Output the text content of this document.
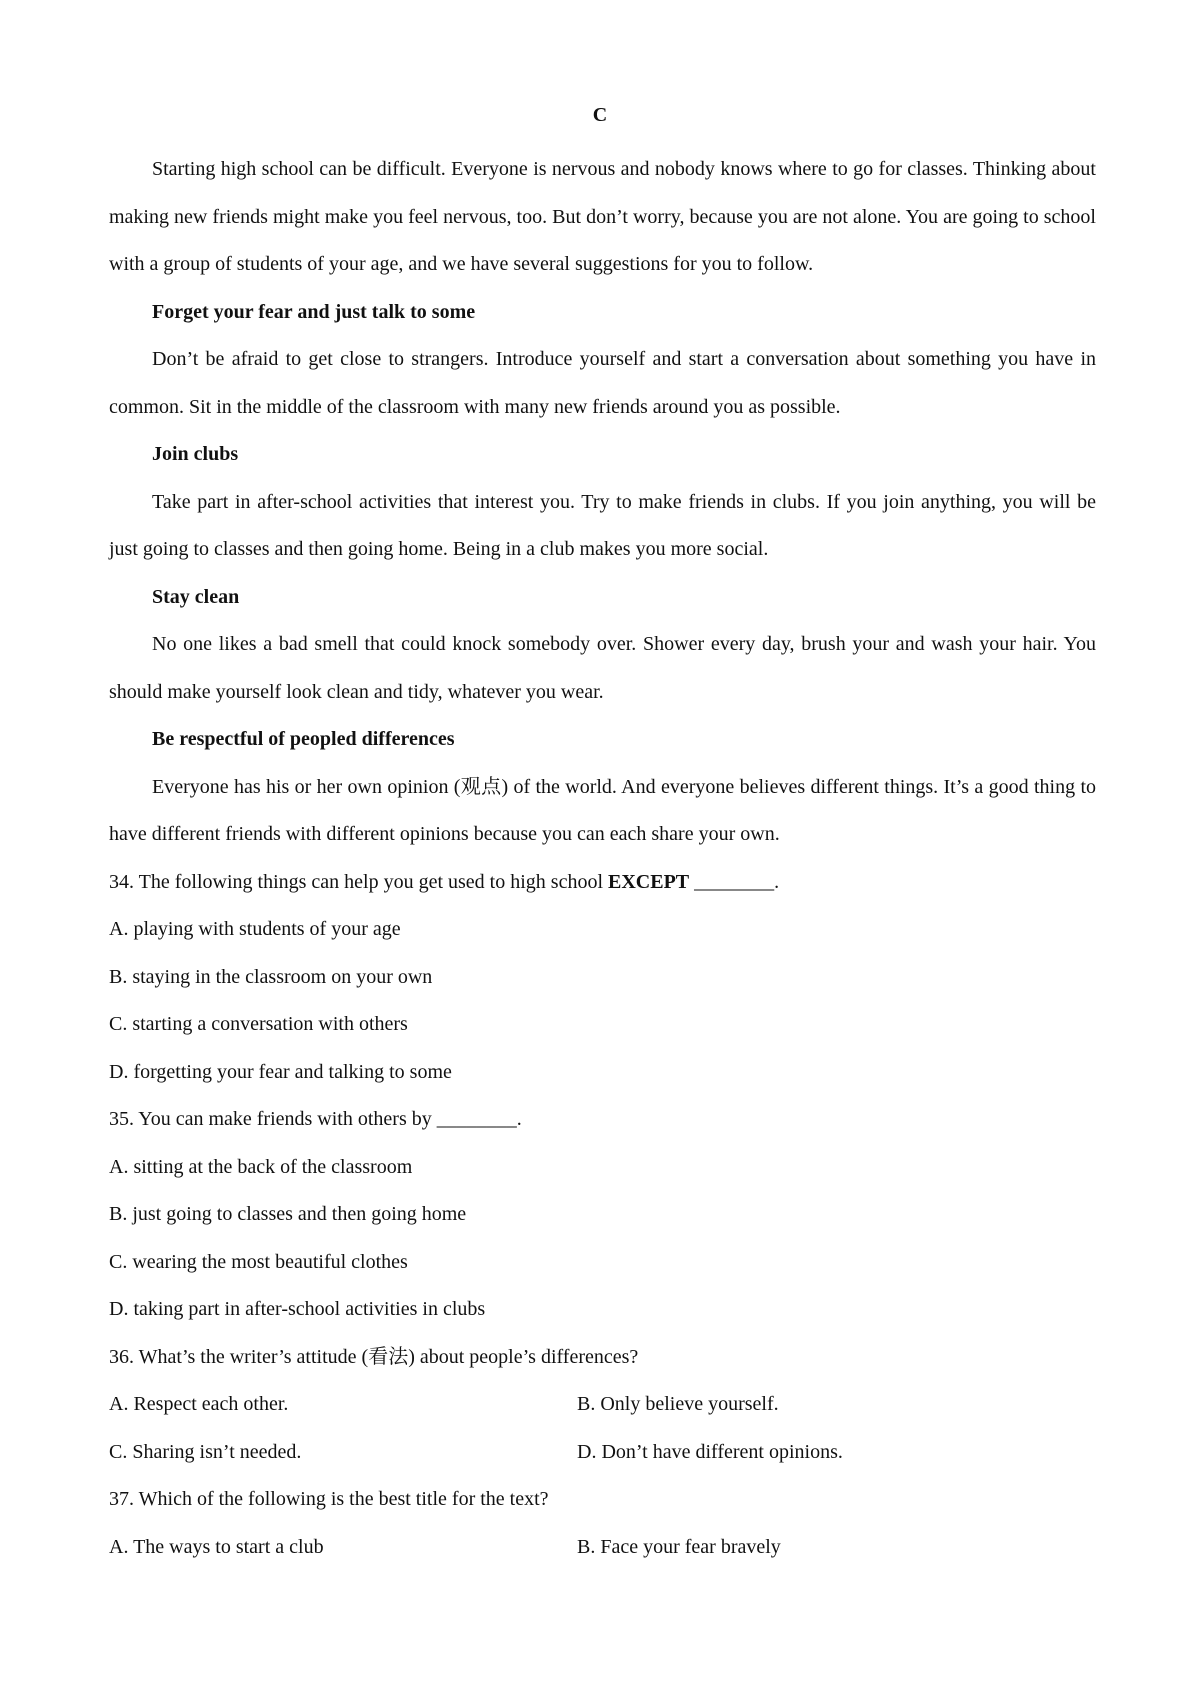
C

Starting high school can be difficult. Everyone is nervous and nobody knows where to go for classes. Thinking about making new friends might make you feel nervous, too. But don’t worry, because you are not alone. You are going to school with a group of students of your age, and we have several suggestions for you to follow.

Forget your fear and just talk to some

Don’t be afraid to get close to strangers. Introduce yourself and start a conversation about something you have in common. Sit in the middle of the classroom with many new friends around you as possible.

Join clubs

Take part in after-school activities that interest you. Try to make friends in clubs. If you join anything, you will be just going to classes and then going home. Being in a club makes you more social.

Stay clean

No one likes a bad smell that could knock somebody over. Shower every day, brush your and wash your hair. You should make yourself look clean and tidy, whatever you wear.

Be respectful of peopled differences

Everyone has his or her own opinion (观点) of the world. And everyone believes different things. It’s a good thing to have different friends with different opinions because you can each share your own.

34. The following things can help you get used to high school EXCEPT ________.

A. playing with students of your age

B. staying in the classroom on your own

C. starting a conversation with others

D. forgetting your fear and talking to some

35. You can make friends with others by ________.

A. sitting at the back of the classroom

B. just going to classes and then going home

C. wearing the most beautiful clothes

D. taking part in after-school activities in clubs

36. What’s the writer’s attitude (看法) about people’s differences?

A. Respect each other.	B. Only believe yourself.
C. Sharing isn’t needed.	D. Don’t have different opinions.

37. Which of the following is the best title for the text?

A. The ways to start a club	B. Face your fear bravely
